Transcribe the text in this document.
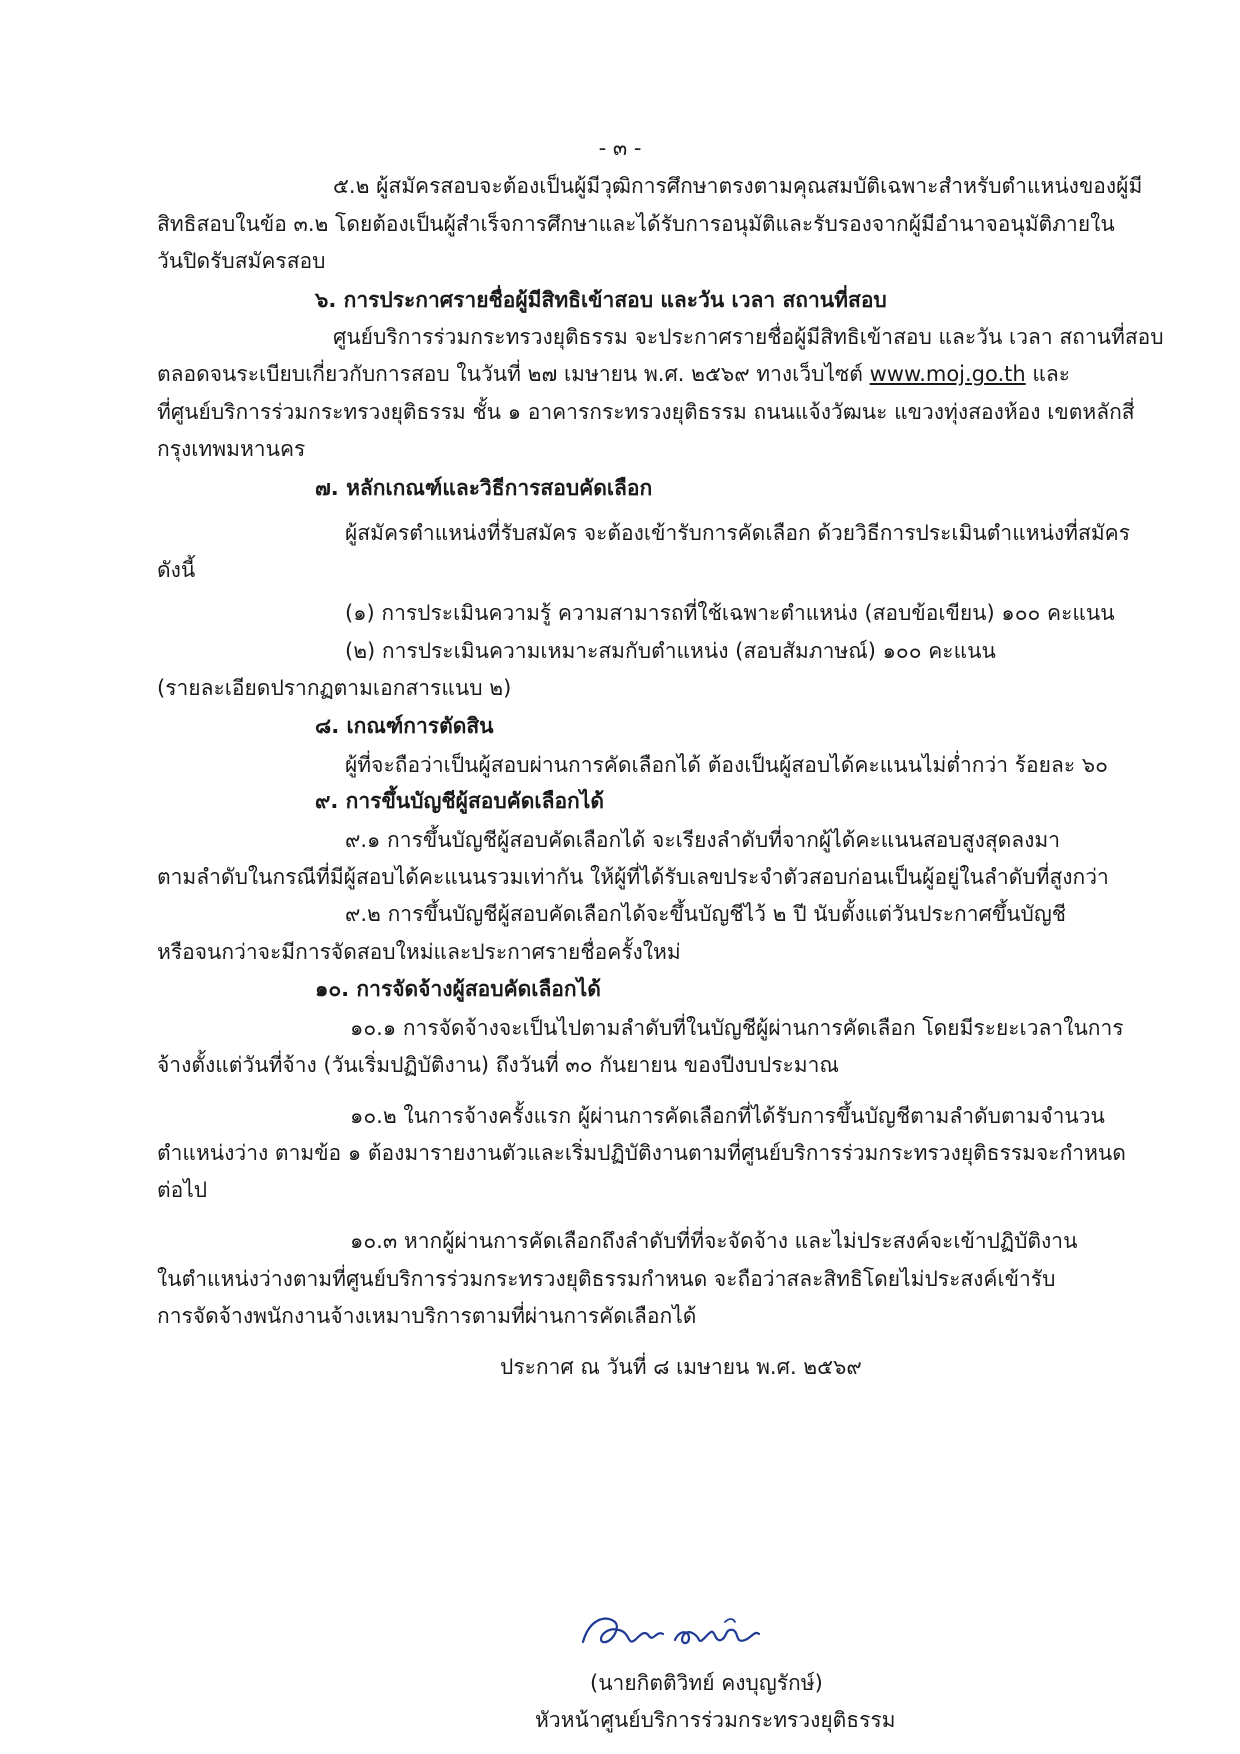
- ๓ -
๕.๒ ผู้สมัครสอบจะต้องเป็นผู้มีวุฒิการศึกษาตรงตามคุณสมบัติเฉพาะสำหรับตำแหน่งของผู้มี
สิทธิสอบในข้อ ๓.๒ โดยต้องเป็นผู้สำเร็จการศึกษาและได้รับการอนุมัติและรับรองจากผู้มีอำนาจอนุมัติภายใน
วันปิดรับสมัครสอบ
๖. การประกาศรายชื่อผู้มีสิทธิเข้าสอบ และวัน เวลา สถานที่สอบ
ศูนย์บริการร่วมกระทรวงยุติธรรม จะประกาศรายชื่อผู้มีสิทธิเข้าสอบ และวัน เวลา สถานที่สอบ
ตลอดจนระเบียบเกี่ยวกับการสอบ ในวันที่ ๒๗ เมษายน พ.ศ. ๒๕๖๙ ทางเว็บไซต์ www.moj.go.th และ
ที่ศูนย์บริการร่วมกระทรวงยุติธรรม ชั้น ๑ อาคารกระทรวงยุติธรรม ถนนแจ้งวัฒนะ แขวงทุ่งสองห้อง เขตหลักสี่
กรุงเทพมหานคร
๗. หลักเกณฑ์และวิธีการสอบคัดเลือก
ผู้สมัครตำแหน่งที่รับสมัคร จะต้องเข้ารับการคัดเลือก ด้วยวิธีการประเมินตำแหน่งที่สมัคร
ดังนี้
(๑) การประเมินความรู้ ความสามารถที่ใช้เฉพาะตำแหน่ง (สอบข้อเขียน) ๑๐๐ คะแนน
(๒) การประเมินความเหมาะสมกับตำแหน่ง (สอบสัมภาษณ์) ๑๐๐ คะแนน
(รายละเอียดปรากฏตามเอกสารแนบ ๒)
๘. เกณฑ์การตัดสิน
ผู้ที่จะถือว่าเป็นผู้สอบผ่านการคัดเลือกได้ ต้องเป็นผู้สอบได้คะแนนไม่ต่ำกว่า ร้อยละ ๖๐
๙. การขึ้นบัญชีผู้สอบคัดเลือกได้
๙.๑ การขึ้นบัญชีผู้สอบคัดเลือกได้ จะเรียงลำดับที่จากผู้ได้คะแนนสอบสูงสุดลงมา
ตามลำดับในกรณีที่มีผู้สอบได้คะแนนรวมเท่ากัน ให้ผู้ที่ได้รับเลขประจำตัวสอบก่อนเป็นผู้อยู่ในลำดับที่สูงกว่า
๙.๒ การขึ้นบัญชีผู้สอบคัดเลือกได้จะขึ้นบัญชีไว้ ๒ ปี นับตั้งแต่วันประกาศขึ้นบัญชี
หรือจนกว่าจะมีการจัดสอบใหม่และประกาศรายชื่อครั้งใหม่
๑๐. การจัดจ้างผู้สอบคัดเลือกได้
๑๐.๑ การจัดจ้างจะเป็นไปตามลำดับที่ในบัญชีผู้ผ่านการคัดเลือก โดยมีระยะเวลาในการ
จ้างตั้งแต่วันที่จ้าง (วันเริ่มปฏิบัติงาน) ถึงวันที่ ๓๐ กันยายน ของปีงบประมาณ
๑๐.๒ ในการจ้างครั้งแรก ผู้ผ่านการคัดเลือกที่ได้รับการขึ้นบัญชีตามลำดับตามจำนวน
ตำแหน่งว่าง ตามข้อ ๑ ต้องมารายงานตัวและเริ่มปฏิบัติงานตามที่ศูนย์บริการร่วมกระทรวงยุติธรรมจะกำหนด
ต่อไป
๑๐.๓ หากผู้ผ่านการคัดเลือกถึงลำดับที่ที่จะจัดจ้าง และไม่ประสงค์จะเข้าปฏิบัติงาน
ในตำแหน่งว่างตามที่ศูนย์บริการร่วมกระทรวงยุติธรรมกำหนด จะถือว่าสละสิทธิโดยไม่ประสงค์เข้ารับ
การจัดจ้างพนักงานจ้างเหมาบริการตามที่ผ่านการคัดเลือกได้
ประกาศ ณ วันที่ ๘ เมษายน พ.ศ. ๒๕๖๙
(นายกิตติวิทย์ คงบุญรักษ์)
หัวหน้าศูนย์บริการร่วมกระทรวงยุติธรรม
